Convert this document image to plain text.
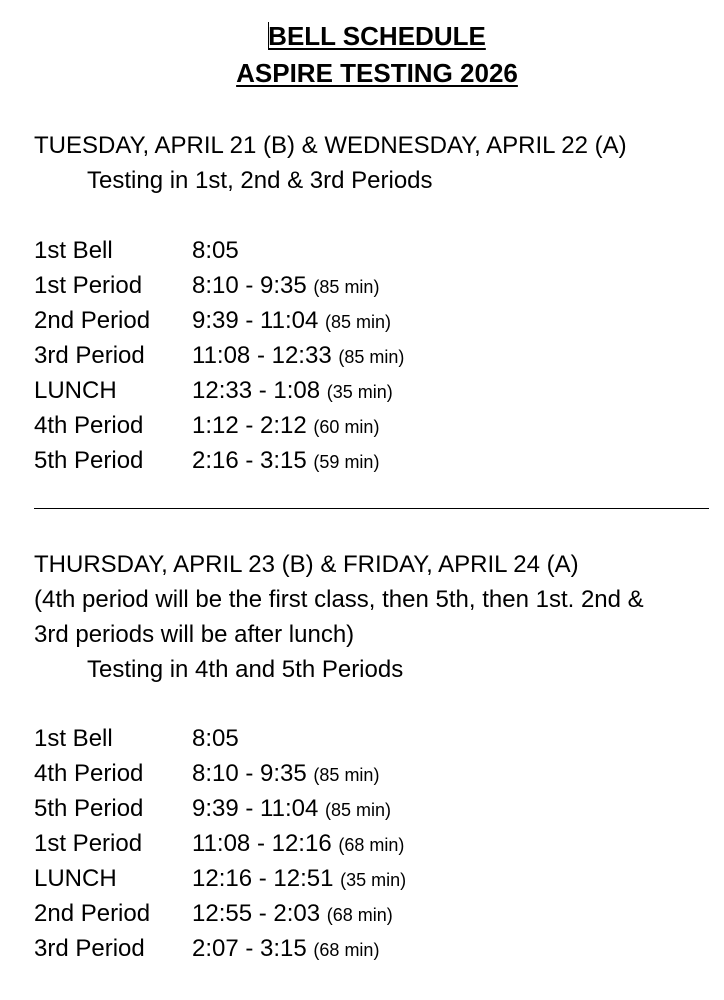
BELL SCHEDULE
ASPIRE TESTING 2026
TUESDAY, APRIL 21 (B) & WEDNESDAY, APRIL 22 (A)
Testing in 1st, 2nd & 3rd Periods
1st Bell	8:05
1st Period 8:10 - 9:35 (85 min)
2nd Period 9:39 - 11:04 (85 min)
3rd Period 11:08 - 12:33 (85 min)
LUNCH	12:33 - 1:08 (35 min)
4th Period 1:12 - 2:12 (60 min)
5th Period 2:16 - 3:15 (59 min)
THURSDAY, APRIL 23 (B) & FRIDAY, APRIL 24 (A)
(4th period will be the first class, then 5th, then 1st. 2nd &
3rd periods will be after lunch)
Testing in 4th and 5th Periods
1st Bell	8:05
4th Period 8:10 - 9:35 (85 min)
5th Period 9:39 - 11:04 (85 min)
1st Period 11:08 - 12:16 (68 min)
LUNCH	12:16 - 12:51 (35 min)
2nd Period 12:55 - 2:03 (68 min)
3rd Period 2:07 - 3:15 (68 min)
